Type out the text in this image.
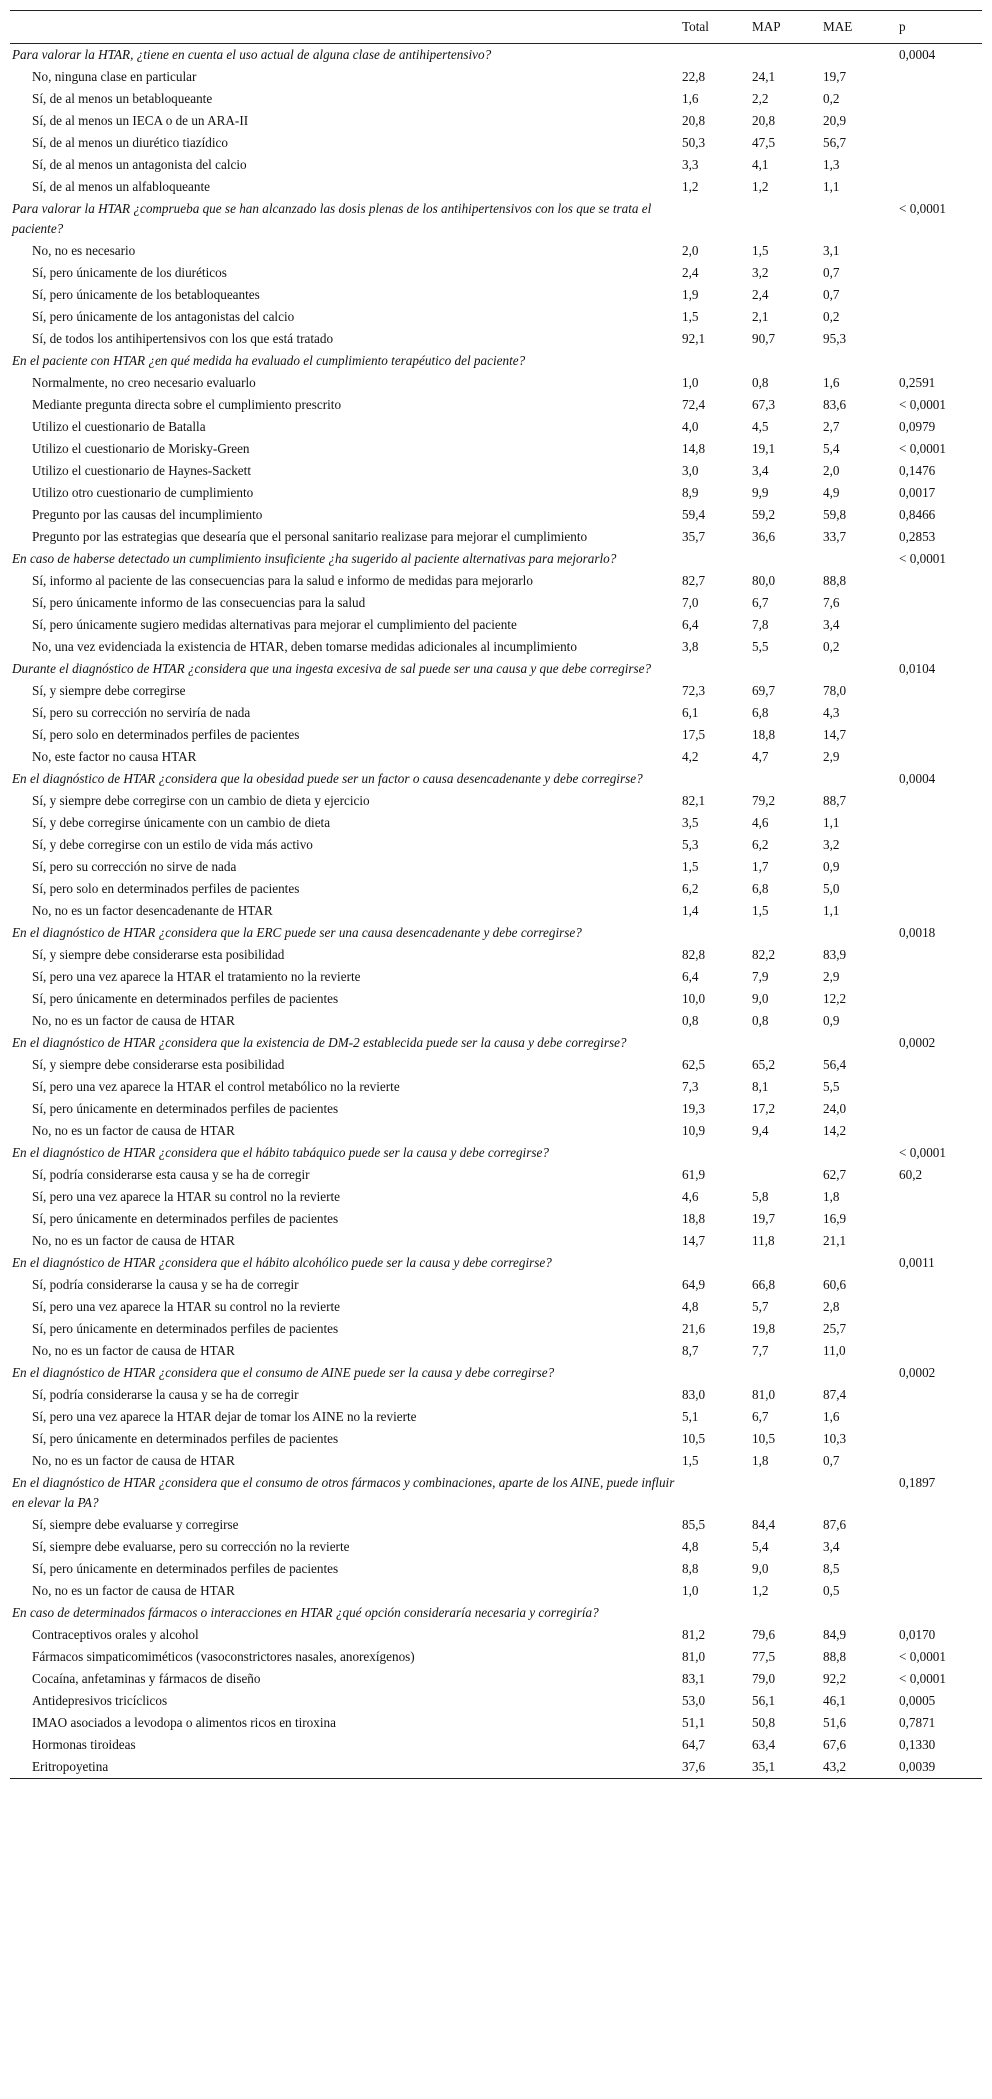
	Total	MAP	MAE	p
Para valorar la HTAR, ¿tiene en cuenta el uso actual de alguna clase de antihipertensivo?				0,0004
No, ninguna clase en particular	22,8	24,1	19,7	
Sí, de al menos un betabloqueante	1,6	2,2	0,2	
Sí, de al menos un IECA o de un ARA-II	20,8	20,8	20,9	
Sí, de al menos un diurético tiazídico	50,3	47,5	56,7	
Sí, de al menos un antagonista del calcio	3,3	4,1	1,3	
Sí, de al menos un alfabloqueante	1,2	1,2	1,1	
Para valorar la HTAR ¿comprueba que se han alcanzado las dosis plenas de los antihipertensivos con los que se trata el paciente?				< 0,0001
No, no es necesario	2,0	1,5	3,1	
Sí, pero únicamente de los diuréticos	2,4	3,2	0,7	
Sí, pero únicamente de los betabloqueantes	1,9	2,4	0,7	
Sí, pero únicamente de los antagonistas del calcio	1,5	2,1	0,2	
Sí, de todos los antihipertensivos con los que está tratado	92,1	90,7	95,3	
En el paciente con HTAR ¿en qué medida ha evaluado el cumplimiento terapéutico del paciente?				
Normalmente, no creo necesario evaluarlo	1,0	0,8	1,6	0,2591
Mediante pregunta directa sobre el cumplimiento prescrito	72,4	67,3	83,6	< 0,0001
Utilizo el cuestionario de Batalla	4,0	4,5	2,7	0,0979
Utilizo el cuestionario de Morisky-Green	14,8	19,1	5,4	< 0,0001
Utilizo el cuestionario de Haynes-Sackett	3,0	3,4	2,0	0,1476
Utilizo otro cuestionario de cumplimiento	8,9	9,9	4,9	0,0017
Pregunto por las causas del incumplimiento	59,4	59,2	59,8	0,8466
Pregunto por las estrategias que desearía que el personal sanitario realizase para mejorar el cumplimiento	35,7	36,6	33,7	0,2853
En caso de haberse detectado un cumplimiento insuficiente ¿ha sugerido al paciente alternativas para mejorarlo?				< 0,0001
Sí, informo al paciente de las consecuencias para la salud e informo de medidas para mejorarlo	82,7	80,0	88,8	
Sí, pero únicamente informo de las consecuencias para la salud	7,0	6,7	7,6	
Sí, pero únicamente sugiero medidas alternativas para mejorar el cumplimiento del paciente	6,4	7,8	3,4	
No, una vez evidenciada la existencia de HTAR, deben tomarse medidas adicionales al incumplimiento	3,8	5,5	0,2	
Durante el diagnóstico de HTAR ¿considera que una ingesta excesiva de sal puede ser una causa y que debe corregirse?				0,0104
Sí, y siempre debe corregirse	72,3	69,7	78,0	
Sí, pero su corrección no serviría de nada	6,1	6,8	4,3	
Sí, pero solo en determinados perfiles de pacientes	17,5	18,8	14,7	
No, este factor no causa HTAR	4,2	4,7	2,9	
En el diagnóstico de HTAR ¿considera que la obesidad puede ser un factor o causa desencadenante y debe corregirse?				0,0004
Sí, y siempre debe corregirse con un cambio de dieta y ejercicio	82,1	79,2	88,7	
Sí, y debe corregirse únicamente con un cambio de dieta	3,5	4,6	1,1	
Sí, y debe corregirse con un estilo de vida más activo	5,3	6,2	3,2	
Sí, pero su corrección no sirve de nada	1,5	1,7	0,9	
Sí, pero solo en determinados perfiles de pacientes	6,2	6,8	5,0	
No, no es un factor desencadenante de HTAR	1,4	1,5	1,1	
En el diagnóstico de HTAR ¿considera que la ERC puede ser una causa desencadenante y debe corregirse?				0,0018
Sí, y siempre debe considerarse esta posibilidad	82,8	82,2	83,9	
Sí, pero una vez aparece la HTAR el tratamiento no la revierte	6,4	7,9	2,9	
Sí, pero únicamente en determinados perfiles de pacientes	10,0	9,0	12,2	
No, no es un factor de causa de HTAR	0,8	0,8	0,9	
En el diagnóstico de HTAR ¿considera que la existencia de DM-2 establecida puede ser la causa y debe corregirse?				0,0002
Sí, y siempre debe considerarse esta posibilidad	62,5	65,2	56,4	
Sí, pero una vez aparece la HTAR el control metabólico no la revierte	7,3	8,1	5,5	
Sí, pero únicamente en determinados perfiles de pacientes	19,3	17,2	24,0	
No, no es un factor de causa de HTAR	10,9	9,4	14,2	
En el diagnóstico de HTAR ¿considera que el hábito tabáquico puede ser la causa y debe corregirse?				< 0,0001
Sí, podría considerarse esta causa y se ha de corregir	61,9		62,7	60,2
Sí, pero una vez aparece la HTAR su control no la revierte	4,6	5,8	1,8	
Sí, pero únicamente en determinados perfiles de pacientes	18,8	19,7	16,9	
No, no es un factor de causa de HTAR	14,7	11,8	21,1	
En el diagnóstico de HTAR ¿considera que el hábito alcohólico puede ser la causa y debe corregirse?				0,0011
Sí, podría considerarse la causa y se ha de corregir	64,9	66,8	60,6	
Sí, pero una vez aparece la HTAR su control no la revierte	4,8	5,7	2,8	
Sí, pero únicamente en determinados perfiles de pacientes	21,6	19,8	25,7	
No, no es un factor de causa de HTAR	8,7	7,7	11,0	
En el diagnóstico de HTAR ¿considera que el consumo de AINE puede ser la causa y debe corregirse?				0,0002
Sí, podría considerarse la causa y se ha de corregir	83,0	81,0	87,4	
Sí, pero una vez aparece la HTAR dejar de tomar los AINE no la revierte	5,1	6,7	1,6	
Sí, pero únicamente en determinados perfiles de pacientes	10,5	10,5	10,3	
No, no es un factor de causa de HTAR	1,5	1,8	0,7	
En el diagnóstico de HTAR ¿considera que el consumo de otros fármacos y combinaciones, aparte de los AINE, puede influir en elevar la PA?				0,1897
Sí, siempre debe evaluarse y corregirse	85,5	84,4	87,6	
Sí, siempre debe evaluarse, pero su corrección no la revierte	4,8	5,4	3,4	
Sí, pero únicamente en determinados perfiles de pacientes	8,8	9,0	8,5	
No, no es un factor de causa de HTAR	1,0	1,2	0,5	
En caso de determinados fármacos o interacciones en HTAR ¿qué opción consideraría necesaria y corregiría?				
Contraceptivos orales y alcohol	81,2	79,6	84,9	0,0170
Fármacos simpaticomiméticos (vasoconstrictores nasales, anorexígenos)	81,0	77,5	88,8	< 0,0001
Cocaína, anfetaminas y fármacos de diseño	83,1	79,0	92,2	< 0,0001
Antidepresivos tricíclicos	53,0	56,1	46,1	0,0005
IMAO asociados a levodopa o alimentos ricos en tiroxina	51,1	50,8	51,6	0,7871
Hormonas tiroideas	64,7	63,4	67,6	0,1330
Eritropoyetina	37,6	35,1	43,2	0,0039
